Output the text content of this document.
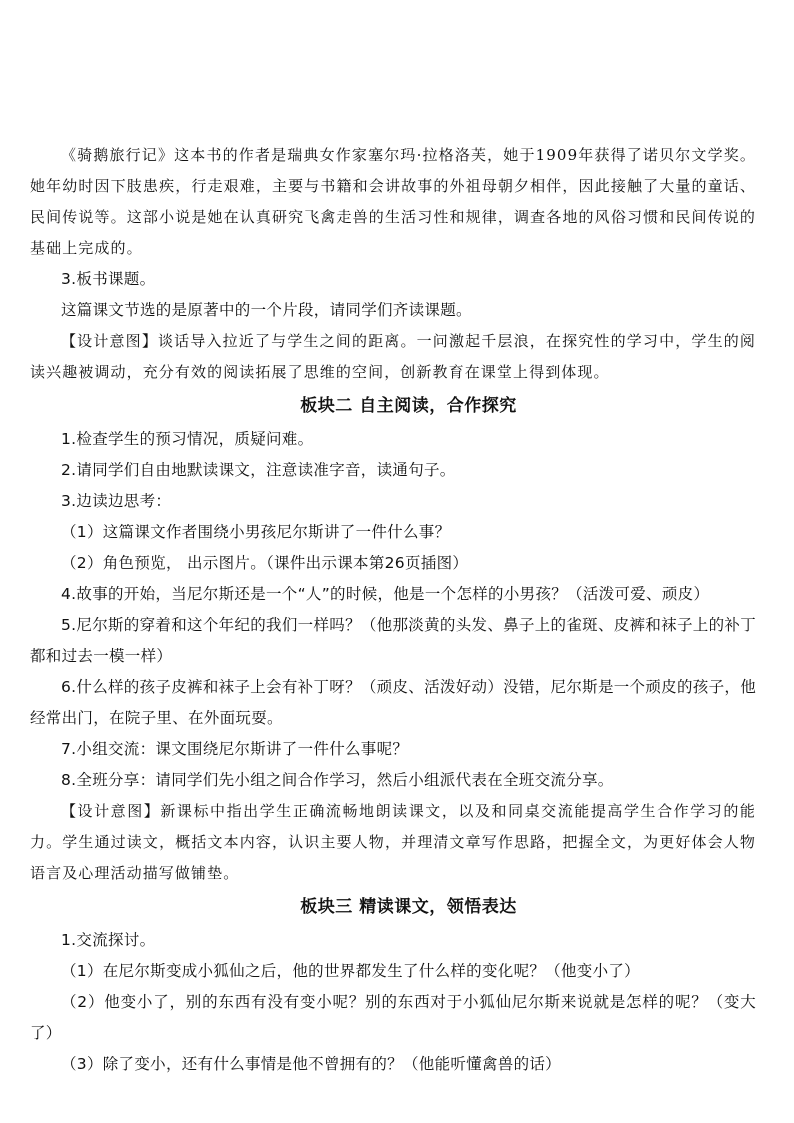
《骑鹅旅行记》这本书的作者是瑞典女作家塞尔玛·拉格洛芙，她于1909年获得了诺贝尔文学奖。她年幼时因下肢患疾，行走艰难，主要与书籍和会讲故事的外祖母朝夕相伴，因此接触了大量的童话、民间传说等。这部小说是她在认真研究飞禽走兽的生活习性和规律，调查各地的风俗习惯和民间传说的基础上完成的。

3.板书课题。

这篇课文节选的是原著中的一个片段，请同学们齐读课题。

【设计意图】谈话导入拉近了与学生之间的距离。一问激起千层浪，在探究性的学习中，学生的阅读兴趣被调动，充分有效的阅读拓展了思维的空间，创新教育在课堂上得到体现。

板块二 自主阅读，合作探究

1.检查学生的预习情况，质疑问难。

2.请同学们自由地默读课文，注意读准字音，读通句子。

3.边读边思考：

（1）这篇课文作者围绕小男孩尼尔斯讲了一件什么事？

（2）角色预览， 出示图片。（课件出示课本第26页插图）

4.故事的开始，当尼尔斯还是一个“人”的时候，他是一个怎样的小男孩？（活泼可爱、顽皮）

5.尼尔斯的穿着和这个年纪的我们一样吗？（他那淡黄的头发、鼻子上的雀斑、皮裤和袜子上的补丁都和过去一模一样）

6.什么样的孩子皮裤和袜子上会有补丁呀？（顽皮、活泼好动）没错，尼尔斯是一个顽皮的孩子，他经常出门，在院子里、在外面玩耍。

7.小组交流：课文围绕尼尔斯讲了一件什么事呢？

8.全班分享：请同学们先小组之间合作学习，然后小组派代表在全班交流分享。

【设计意图】新课标中指出学生正确流畅地朗读课文，以及和同桌交流能提高学生合作学习的能力。学生通过读文，概括文本内容，认识主要人物，并理清文章写作思路，把握全文，为更好体会人物语言及心理活动描写做铺垫。

板块三 精读课文，领悟表达

1.交流探讨。

（1）在尼尔斯变成小狐仙之后，他的世界都发生了什么样的变化呢？（他变小了）

（2）他变小了，别的东西有没有变小呢？别的东西对于小狐仙尼尔斯来说就是怎样的呢？（变大了）

（3）除了变小，还有什么事情是他不曾拥有的？（他能听懂禽兽的话）
